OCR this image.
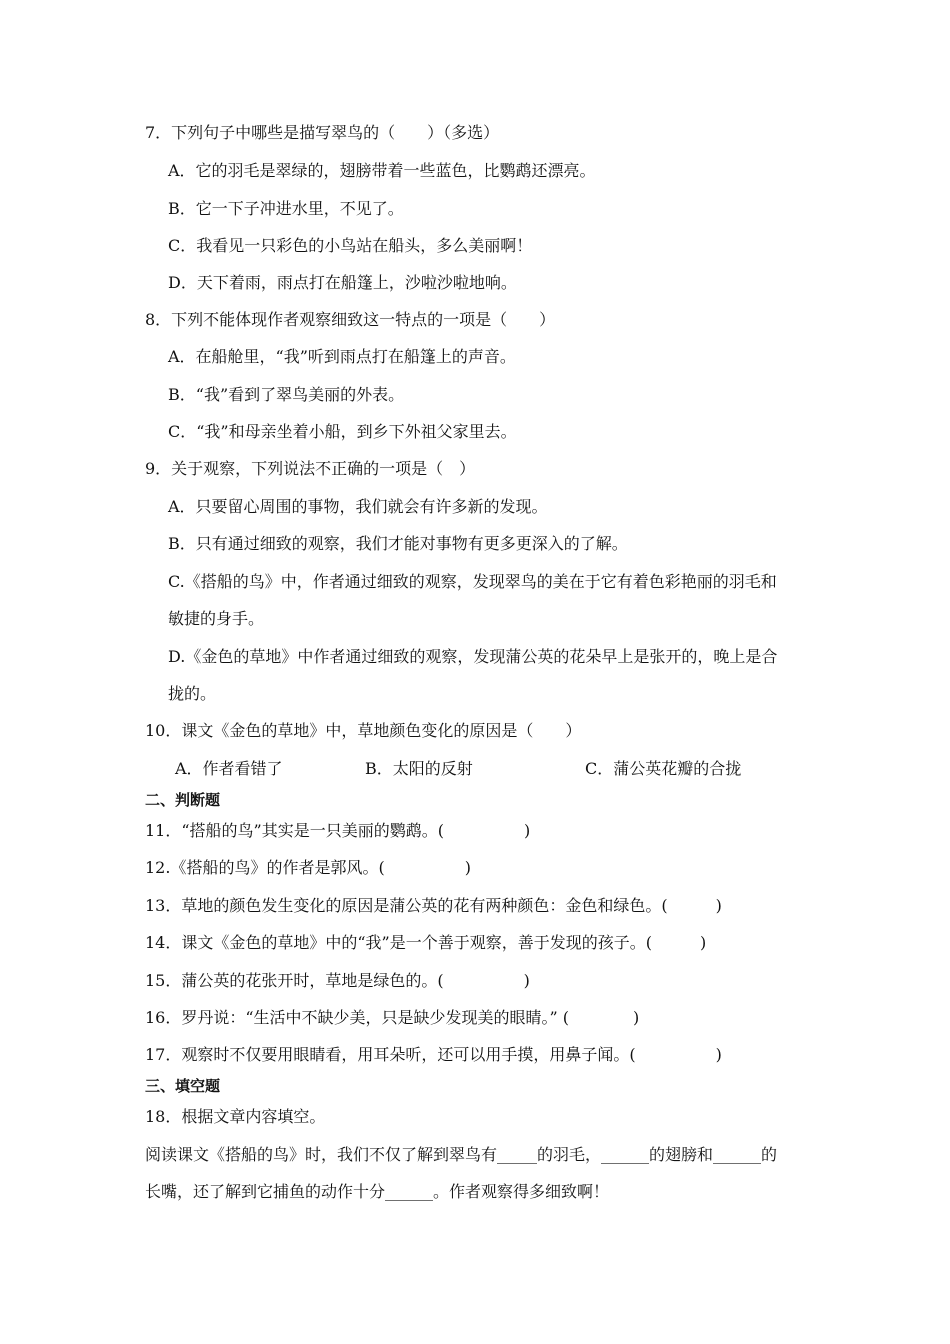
7．下列句子中哪些是描写翠鸟的（　　）（多选）
A．它的羽毛是翠绿的，翅膀带着一些蓝色，比鹦鹉还漂亮。
B．它一下子冲进水里，不见了。
C．我看见一只彩色的小鸟站在船头，多么美丽啊！
D．天下着雨，雨点打在船篷上，沙啦沙啦地响。
8．下列不能体现作者观察细致这一特点的一项是（　　）
A．在船舱里，“我”听到雨点打在船篷上的声音。
B．“我”看到了翠鸟美丽的外表。
C．“我”和母亲坐着小船，到乡下外祖父家里去。
9．关于观察，下列说法不正确的一项是（　）
A．只要留心周围的事物，我们就会有许多新的发现。
B．只有通过细致的观察，我们才能对事物有更多更深入的了解。
C.《搭船的鸟》中，作者通过细致的观察，发现翠鸟的美在于它有着色彩艳丽的羽毛和
敏捷的身手。
D.《金色的草地》中作者通过细致的观察，发现蒲公英的花朵早上是张开的，晚上是合
拢的。
10．课文《金色的草地》中，草地颜色变化的原因是（　　）
A．作者看错了	B．太阳的反射	C．蒲公英花瓣的合拢
二、判断题
11．“搭船的鸟”其实是一只美丽的鹦鹉。(　　　　　)
12.《搭船的鸟》的作者是郭风。(　　　　　)
13．草地的颜色发生变化的原因是蒲公英的花有两种颜色：金色和绿色。(　　　)
14．课文《金色的草地》中的“我”是一个善于观察，善于发现的孩子。(　　　)
15．蒲公英的花张开时，草地是绿色的。(　　　　　)
16．罗丹说：“生活中不缺少美，只是缺少发现美的眼睛。” (　　　　)
17．观察时不仅要用眼睛看，用耳朵听，还可以用手摸，用鼻子闻。(　　　　　)
三、填空题
18．根据文章内容填空。
阅读课文《搭船的鸟》时，我们不仅了解到翠鸟有_____的羽毛，______的翅膀和______的
长嘴，还了解到它捕鱼的动作十分______。作者观察得多细致啊！
